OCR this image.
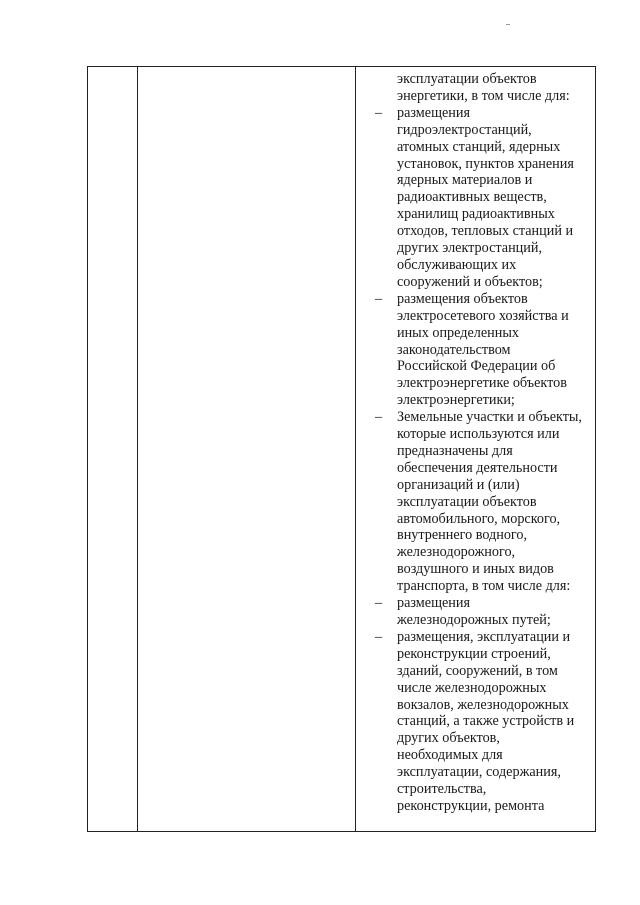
эксплуатации объектов

энергетики, в том числе для:

– размещения

гидроэлектростанций,

атомных станций, ядерных

установок, пунктов хранения

ядерных материалов и

радиоактивных веществ,

хранилищ радиоактивных

отходов, тепловых станций и

других электростанций,

обслуживающих их

сооружений и объектов;

– размещения объектов

электросетевого хозяйства и

иных определенных

законодательством

Российской Федерации об

электроэнергетике объектов

электроэнергетики;

– Земельные участки и объекты,

которые используются или

предназначены для

обеспечения деятельности

организаций и (или)

эксплуатации объектов

автомобильного, морского,

внутреннего водного,

железнодорожного,

воздушного и иных видов

транспорта, в том числе для:

– размещения

железнодорожных путей;

– размещения, эксплуатации и

реконструкции строений,

зданий, сооружений, в том

числе железнодорожных

вокзалов, железнодорожных

станций, а также устройств и

других объектов,

необходимых для

эксплуатации, содержания,

строительства,

реконструкции, ремонта
